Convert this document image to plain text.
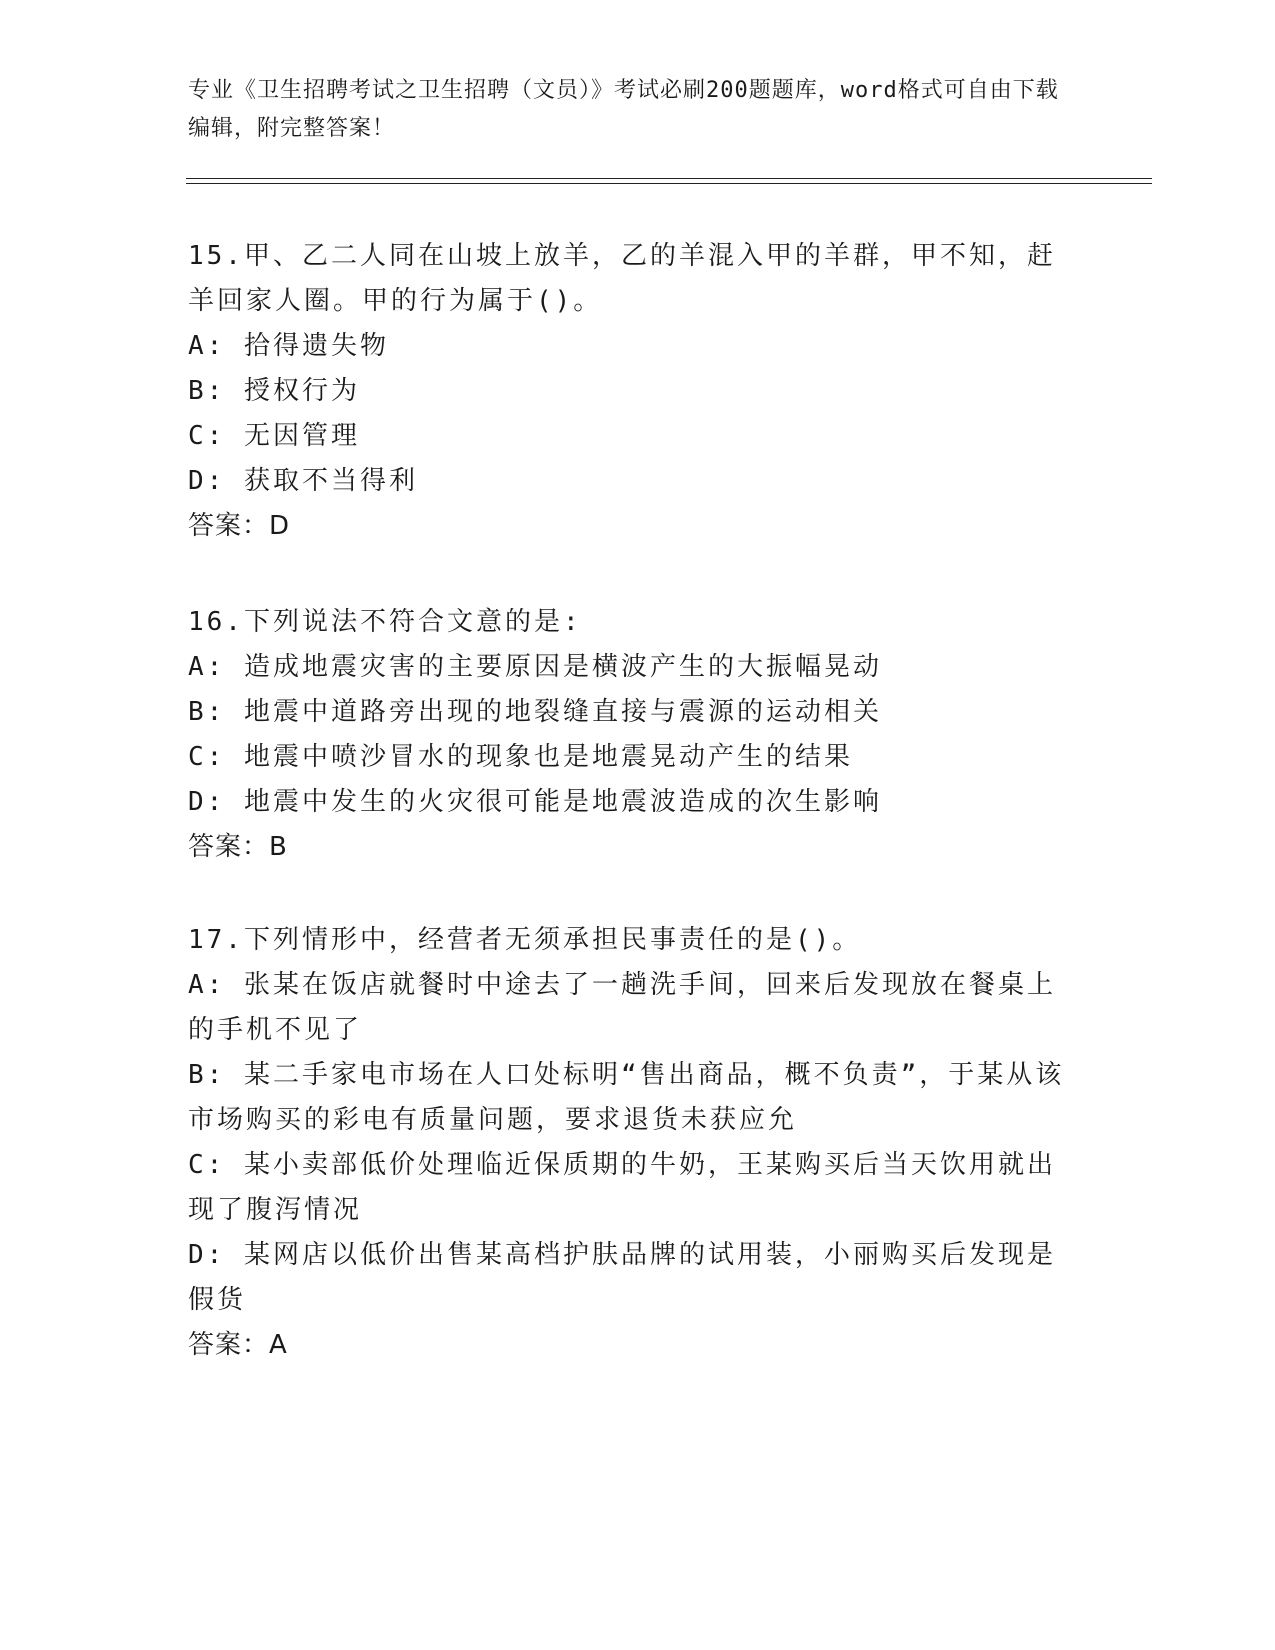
专业《卫生招聘考试之卫生招聘（文员）》考试必刷200题题库，word格式可自由下载编辑，附完整答案！

15.甲、乙二人同在山坡上放羊，乙的羊混入甲的羊群，甲不知，赶羊回家人圈。甲的行为属于()。

A: 拾得遗失物

B: 授权行为

C: 无因管理

D: 获取不当得利

答案：D

16.下列说法不符合文意的是:

A: 造成地震灾害的主要原因是横波产生的大振幅晃动

B: 地震中道路旁出现的地裂缝直接与震源的运动相关

C: 地震中喷沙冒水的现象也是地震晃动产生的结果

D: 地震中发生的火灾很可能是地震波造成的次生影响

答案：B

17.下列情形中，经营者无须承担民事责任的是()。

A: 张某在饭店就餐时中途去了一趟洗手间，回来后发现放在餐桌上的手机不见了

B: 某二手家电市场在人口处标明“售出商品，概不负责”，于某从该市场购买的彩电有质量问题，要求退货未获应允

C: 某小卖部低价处理临近保质期的牛奶，王某购买后当天饮用就出现了腹泻情况

D: 某网店以低价出售某高档护肤品牌的试用装，小丽购买后发现是假货

答案：A
